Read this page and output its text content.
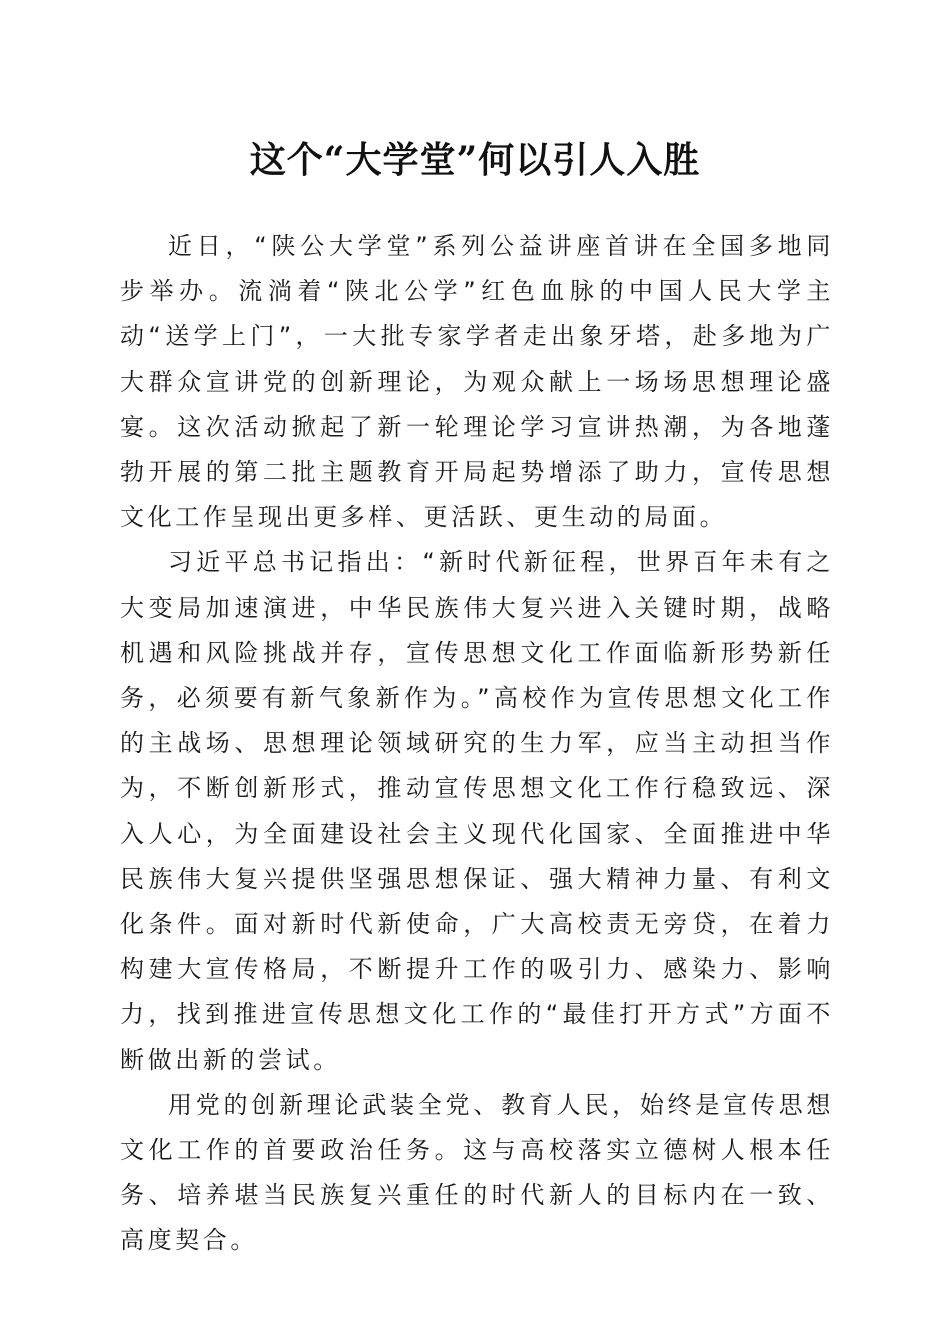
这个“大学堂”何以引人入胜

近日，“陕公大学堂”系列公益讲座首讲在全国多地同步举办。流淌着“陕北公学”红色血脉的中国人民大学主动“送学上门”，一大批专家学者走出象牙塔，赴多地为广大群众宣讲党的创新理论，为观众献上一场场思想理论盛宴。这次活动掀起了新一轮理论学习宣讲热潮，为各地蓬勃开展的第二批主题教育开局起势增添了助力，宣传思想文化工作呈现出更多样、更活跃、更生动的局面。

习近平总书记指出：“新时代新征程，世界百年未有之大变局加速演进，中华民族伟大复兴进入关键时期，战略机遇和风险挑战并存，宣传思想文化工作面临新形势新任务，必须要有新气象新作为。”高校作为宣传思想文化工作的主战场、思想理论领域研究的生力军，应当主动担当作为，不断创新形式，推动宣传思想文化工作行稳致远、深入人心，为全面建设社会主义现代化国家、全面推进中华民族伟大复兴提供坚强思想保证、强大精神力量、有利文化条件。面对新时代新使命，广大高校责无旁贷，在着力构建大宣传格局，不断提升工作的吸引力、感染力、影响力，找到推进宣传思想文化工作的“最佳打开方式”方面不断做出新的尝试。

用党的创新理论武装全党、教育人民，始终是宣传思想文化工作的首要政治任务。这与高校落实立德树人根本任务、培养堪当民族复兴重任的时代新人的目标内在一致、高度契合。
